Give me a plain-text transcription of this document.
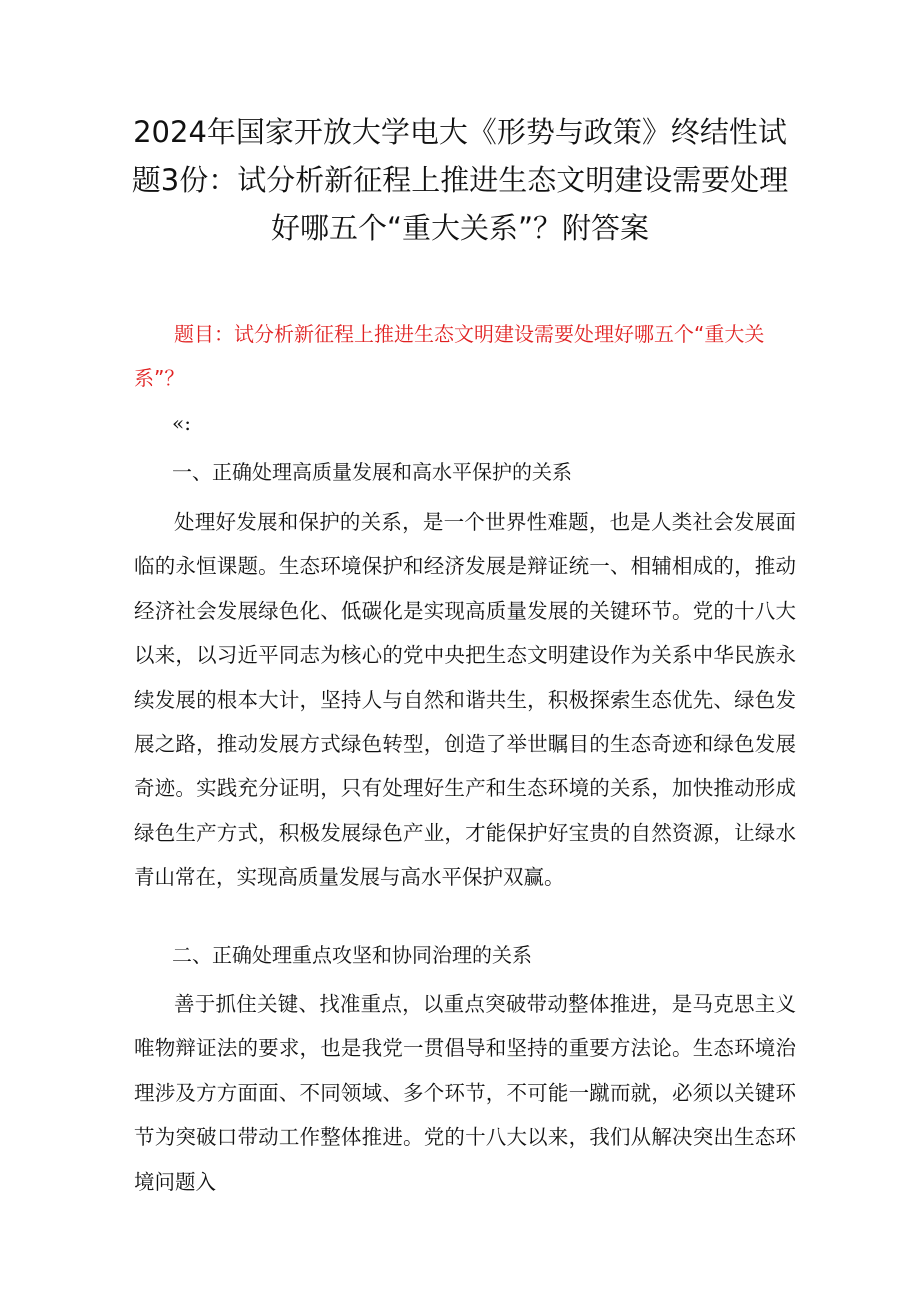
2024年国家开放大学电大《形势与政策》终结性试题3份：试分析新征程上推进生态文明建设需要处理好哪五个“重大关系”？附答案

题目：试分析新征程上推进生态文明建设需要处理好哪五个“重大关系”？

«:

一、正确处理高质量发展和高水平保护的关系

处理好发展和保护的关系，是一个世界性难题，也是人类社会发展面临的永恒课题。生态环境保护和经济发展是辩证统一、相辅相成的，推动经济社会发展绿色化、低碳化是实现高质量发展的关键环节。党的十八大以来，以习近平同志为核心的党中央把生态文明建设作为关系中华民族永续发展的根本大计，坚持人与自然和谐共生，积极探索生态优先、绿色发展之路，推动发展方式绿色转型，创造了举世瞩目的生态奇迹和绿色发展奇迹。实践充分证明，只有处理好生产和生态环境的关系，加快推动形成绿色生产方式，积极发展绿色产业，才能保护好宝贵的自然资源，让绿水青山常在，实现高质量发展与高水平保护双赢。

二、正确处理重点攻坚和协同治理的关系

善于抓住关键、找准重点，以重点突破带动整体推进，是马克思主义唯物辩证法的要求，也是我党一贯倡导和坚持的重要方法论。生态环境治理涉及方方面面、不同领域、多个环节，不可能一蹴而就，必须以关键环节为突破口带动工作整体推进。党的十八大以来，我们从解决突出生态环境问题入
